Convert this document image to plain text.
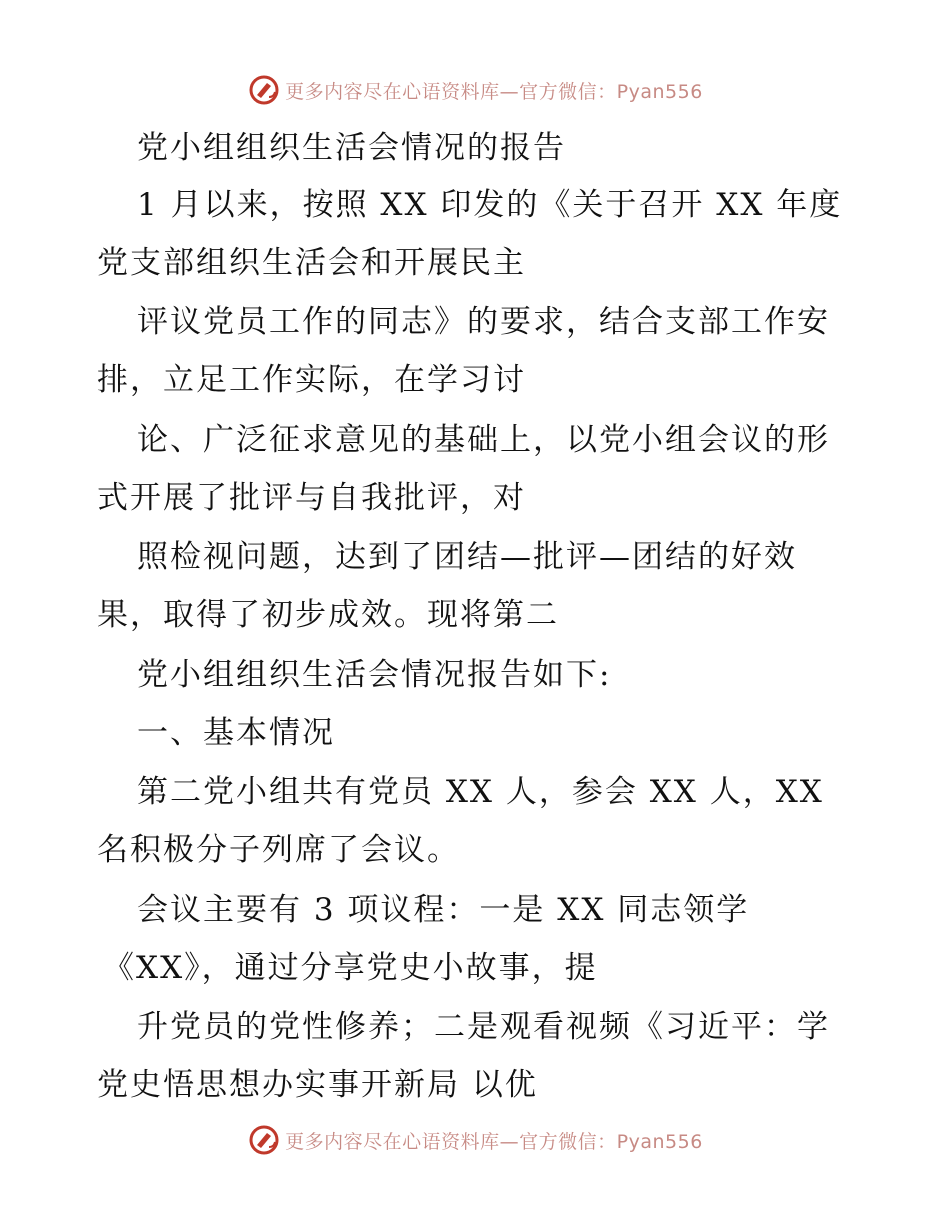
更多内容尽在心语资料库—官方微信：Pyan556
党小组组织生活会情况的报告
1 月以来，按照 XX 印发的《关于召开 XX 年度
党支部组织生活会和开展民主
评议党员工作的同志》的要求，结合支部工作安
排，立足工作实际，在学习讨
论、广泛征求意见的基础上，以党小组会议的形
式开展了批评与自我批评，对
照检视问题，达到了团结—批评—团结的好效
果，取得了初步成效。现将第二
党小组组织生活会情况报告如下:
一、基本情况
第二党小组共有党员 XX 人，参会 XX 人，XX
名积极分子列席了会议。
会议主要有 3 项议程：一是 XX 同志领学
《XX》，通过分享党史小故事，提
升党员的党性修养；二是观看视频《习近平：学
党史悟思想办实事开新局 以优
更多内容尽在心语资料库—官方微信：Pyan556
